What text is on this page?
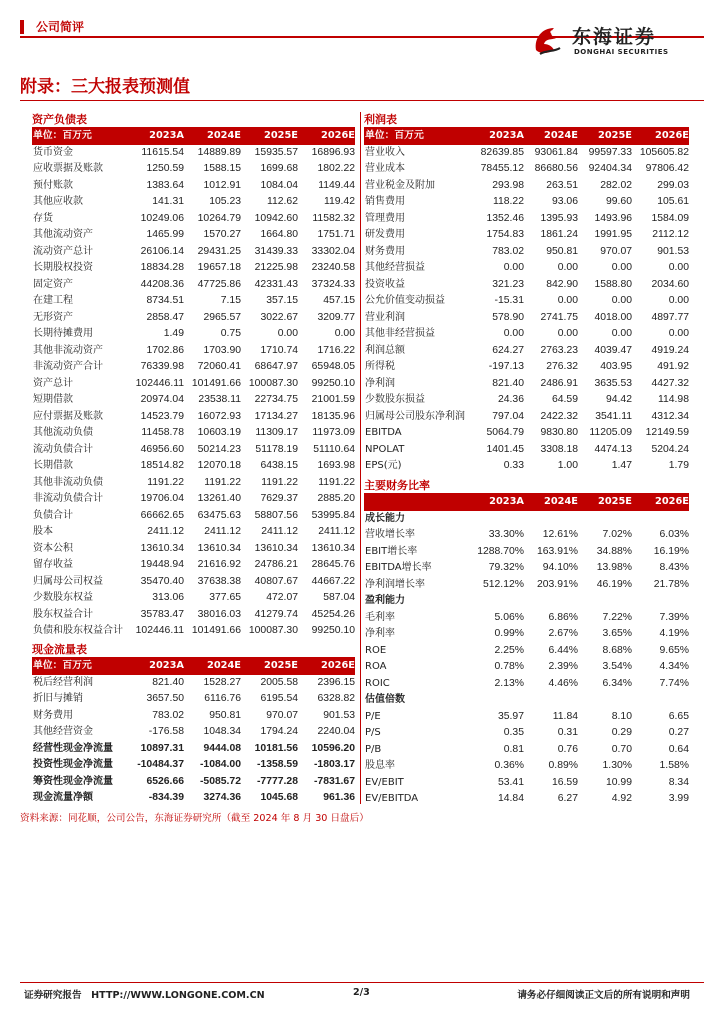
公司简评	东海证券
DONGHAI SECURITIES
附录：三大报表预测值
资产负债表
单位：百万元	2023A	2024E	2025E	2026E
货币资金	11615.54	14889.89	15935.57	16896.93
应收票据及账款	1250.59	1588.15	1699.68	1802.22
预付账款	1383.64	1012.91	1084.04	1149.44
其他应收款	141.31	105.23	112.62	119.42
存货	10249.06	10264.79	10942.60	11582.32
其他流动资产	1465.99	1570.27	1664.80	1751.71
流动资产总计	26106.14	29431.25	31439.33	33302.04
长期股权投资	18834.28	19657.18	21225.98	23240.58
固定资产	44208.36	47725.86	42331.43	37324.33
在建工程	8734.51	7.15	357.15	457.15
无形资产	2858.47	2965.57	3022.67	3209.77
长期待摊费用	1.49	0.75	0.00	0.00
其他非流动资产	1702.86	1703.90	1710.74	1716.22
非流动资产合计	76339.98	72060.41	68647.97	65948.05
资产总计	102446.11	101491.66	100087.30	99250.10
短期借款	20974.04	23538.11	22734.75	21001.59
应付票据及账款	14523.79	16072.93	17134.27	18135.96
其他流动负债	11458.78	10603.19	11309.17	11973.09
流动负债合计	46956.60	50214.23	51178.19	51110.64
长期借款	18514.82	12070.18	6438.15	1693.98
其他非流动负债	1191.22	1191.22	1191.22	1191.22
非流动负债合计	19706.04	13261.40	7629.37	2885.20
负债合计	66662.65	63475.63	58807.56	53995.84
股本	2411.12	2411.12	2411.12	2411.12
资本公积	13610.34	13610.34	13610.34	13610.34
留存收益	19448.94	21616.92	24786.21	28645.76
归属母公司权益	35470.40	37638.38	40807.67	44667.22
少数股东权益	313.06	377.65	472.07	587.04
股东权益合计	35783.47	38016.03	41279.74	45254.26
负债和股东权益合计	102446.11	101491.66	100087.30	99250.10
现金流量表
单位：百万元	2023A	2024E	2025E	2026E
税后经营利润	821.40	1528.27	2005.58	2396.15
折旧与摊销	3657.50	6116.76	6195.54	6328.82
财务费用	783.02	950.81	970.07	901.53
其他经营资金	-176.58	1048.34	1794.24	2240.04
经营性现金净流量	10897.31	9444.08	10181.56	10596.20
投资性现金净流量	-10484.37	-1084.00	-1358.59	-1803.17
筹资性现金净流量	6526.66	-5085.72	-7777.28	-7831.67
现金流量净额	-834.39	3274.36	1045.68	961.36
利润表
单位：百万元	2023A	2024E	2025E	2026E
营业收入	82639.85	93061.84	99597.33	105605.82
营业成本	78455.12	86680.56	92404.34	97806.42
营业税金及附加	293.98	263.51	282.02	299.03
销售费用	118.22	93.06	99.60	105.61
管理费用	1352.46	1395.93	1493.96	1584.09
研发费用	1754.83	1861.24	1991.95	2112.12
财务费用	783.02	950.81	970.07	901.53
其他经营损益	0.00	0.00	0.00	0.00
投资收益	321.23	842.90	1588.80	2034.60
公允价值变动损益	-15.31	0.00	0.00	0.00
营业利润	578.90	2741.75	4018.00	4897.77
其他非经营损益	0.00	0.00	0.00	0.00
利润总额	624.27	2763.23	4039.47	4919.24
所得税	-197.13	276.32	403.95	491.92
净利润	821.40	2486.91	3635.53	4427.32
少数股东损益	24.36	64.59	94.42	114.98
归属母公司股东净利润	797.04	2422.32	3541.11	4312.34
EBITDA	5064.79	9830.80	11205.09	12149.59
NPOLAT	1401.45	3308.18	4474.13	5204.24
EPS(元)	0.33	1.00	1.47	1.79
主要财务比率
	2023A	2024E	2025E	2026E
成长能力				
营收增长率	33.30%	12.61%	7.02%	6.03%
EBIT增长率	1288.70%	163.91%	34.88%	16.19%
EBITDA增长率	79.32%	94.10%	13.98%	8.43%
净利润增长率	512.12%	203.91%	46.19%	21.78%
盈利能力				
毛利率	5.06%	6.86%	7.22%	7.39%
净利率	0.99%	2.67%	3.65%	4.19%
ROE	2.25%	6.44%	8.68%	9.65%
ROA	0.78%	2.39%	3.54%	4.34%
ROIC	2.13%	4.46%	6.34%	7.74%
估值倍数				
P/E	35.97	11.84	8.10	6.65
P/S	0.35	0.31	0.29	0.27
P/B	0.81	0.76	0.70	0.64
股息率	0.36%	0.89%	1.30%	1.58%
EV/EBIT	53.41	16.59	10.99	8.34
EV/EBITDA	14.84	6.27	4.92	3.99
资料来源：同花顺，公司公告，东海证券研究所（截至 2024 年 8 月 30 日盘后）
证券研究报告　HTTP://WWW.LONGONE.COM.CN	2/3	请务必仔细阅读正文后的所有说明和声明
